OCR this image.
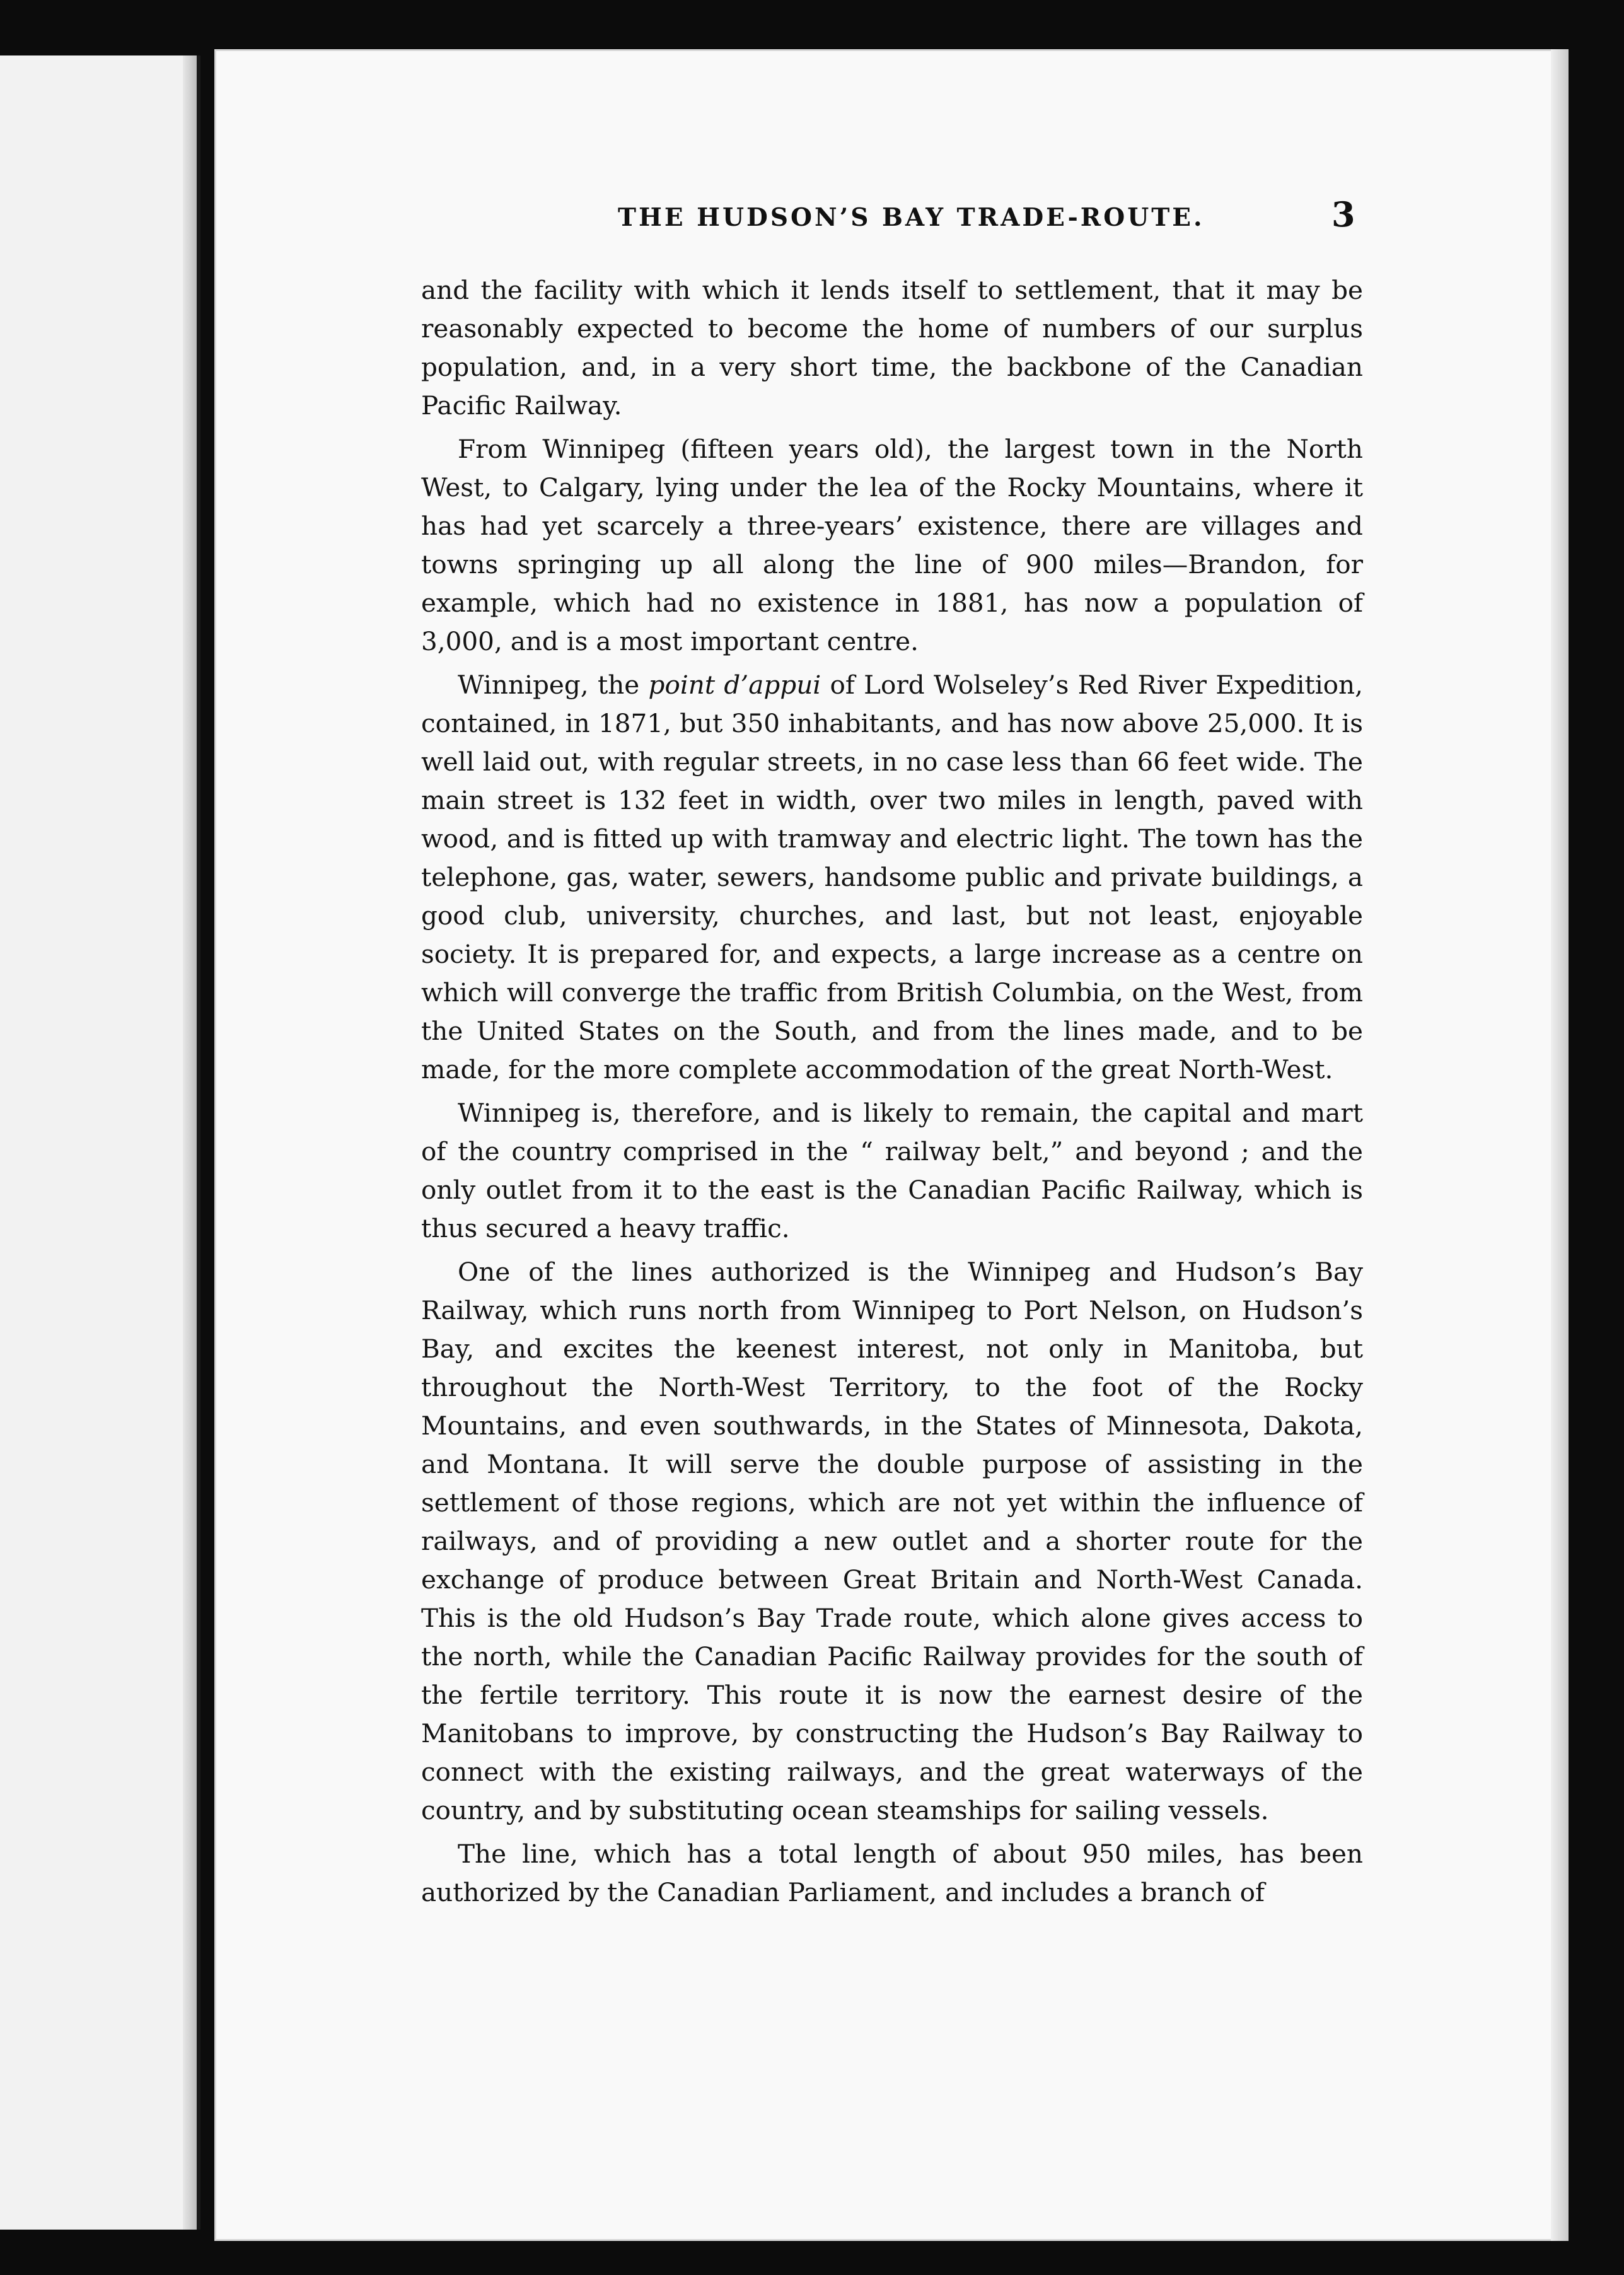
THE HUDSON’S BAY TRADE-ROUTE.	3

and the facility with which it lends itself to settlement, that it may be reasonably expected to become the home of numbers of our surplus population, and, in a very short time, the backbone of the Canadian Pacific Railway.

From Winnipeg (fifteen years old), the largest town in the North West, to Calgary, lying under the lea of the Rocky Mountains, where it has had yet scarcely a three-years’ existence, there are villages and towns springing up all along the line of 900 miles—Brandon, for example, which had no existence in 1881, has now a population of 3,000, and is a most important centre.

Winnipeg, the point d’appui of Lord Wolseley’s Red River Expedition, contained, in 1871, but 350 inhabitants, and has now above 25,000. It is well laid out, with regular streets, in no case less than 66 feet wide. The main street is 132 feet in width, over two miles in length, paved with wood, and is fitted up with tramway and electric light. The town has the telephone, gas, water, sewers, handsome public and private buildings, a good club, university, churches, and last, but not least, enjoyable society. It is prepared for, and expects, a large increase as a centre on which will converge the traffic from British Columbia, on the West, from the United States on the South, and from the lines made, and to be made, for the more complete accommodation of the great North-West.

Winnipeg is, therefore, and is likely to remain, the capital and mart of the country comprised in the “ railway belt,” and beyond ; and the only outlet from it to the east is the Canadian Pacific Railway, which is thus secured a heavy traffic.

One of the lines authorized is the Winnipeg and Hudson’s Bay Railway, which runs north from Winnipeg to Port Nelson, on Hudson’s Bay, and excites the keenest interest, not only in Manitoba, but throughout the North-West Territory, to the foot of the Rocky Mountains, and even southwards, in the States of Minnesota, Dakota, and Montana. It will serve the double purpose of assisting in the settlement of those regions, which are not yet within the influence of railways, and of providing a new outlet and a shorter route for the exchange of produce between Great Britain and North-West Canada. This is the old Hudson’s Bay Trade route, which alone gives access to the north, while the Canadian Pacific Railway provides for the south of the fertile territory. This route it is now the earnest desire of the Manitobans to improve, by constructing the Hudson’s Bay Railway to connect with the existing railways, and the great waterways of the country, and by substituting ocean steamships for sailing vessels.

The line, which has a total length of about 950 miles, has been authorized by the Canadian Parliament, and includes a branch of
